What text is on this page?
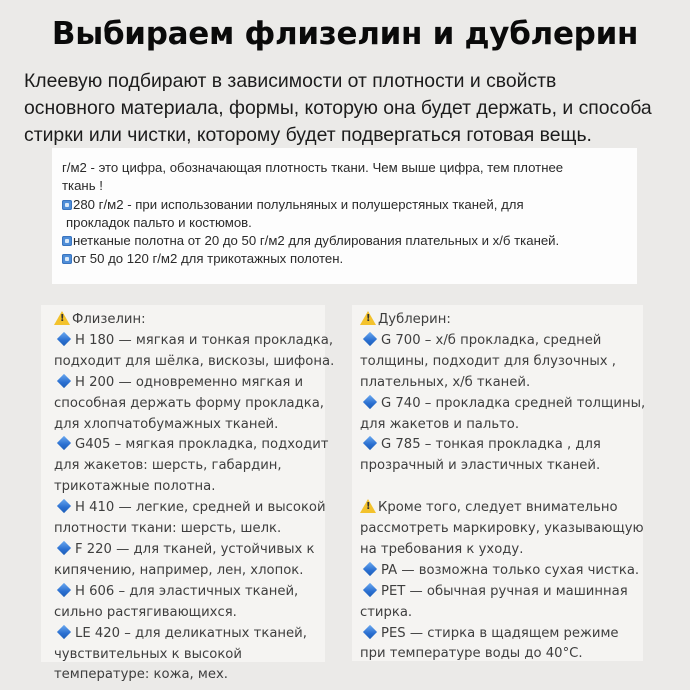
Выбираем флизелин и дублерин
Клеевую подбирают в зависимости от плотности и свойств
основного материала, формы, которую она будет держать, и способа
стирки или чистки, которому будет подвергаться готовая вещь.
г/м2 - это цифра, обозначающая плотность ткани. Чем выше цифра, тем плотнее
ткань !
280 г/м2 - при использовании полульняных и полушерстяных тканей, для
прокладок пальто и костюмов.
нетканые полотна от 20 до 50 г/м2 для дублирования плательных и х/б тканей.
от 50 до 120 г/м2 для трикотажных полотен.
!Флизелин:
H 180 — мягкая и тонкая прокладка,
подходит для шёлка, вискозы, шифона.
H 200 — одновременно мягкая и
способная держать форму прокладка,
для хлопчатобумажных тканей.
G405 – мягкая прокладка, подходит
для жакетов: шерсть, габардин,
трикотажные полотна.
H 410 — легкие, средней и высокой
плотности ткани: шерсть, шелк.
F 220 — для тканей, устойчивых к
кипячению, например, лен, хлопок.
H 606 – для эластичных тканей,
сильно растягивающихся.
LE 420 – для деликатных тканей,
чувствительных к высокой
температуре: кожа, мех.
!Дублерин:
G 700 – х/б прокладка, средней
толщины, подходит для блузочных ,
плательных, х/б тканей.
G 740 – прокладка средней толщины,
для жакетов и пальто.
G 785 – тонкая прокладка , для
прозрачный и эластичных тканей.
!Кроме того, следует внимательно
рассмотреть маркировку, указывающую
на требования к уходу.
PA — возможна только сухая чистка.
PET — обычная ручная и машинная
стирка.
PES — стирка в щадящем режиме
при температуре воды до 40°С.
